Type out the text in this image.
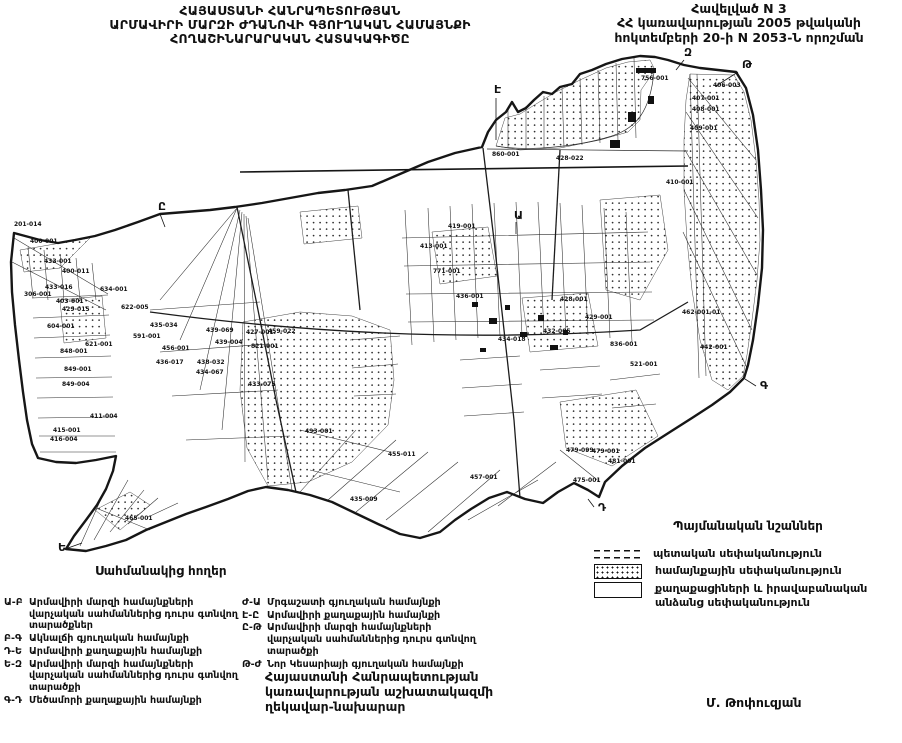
201-014
400-001
433-001
400-011
433-016
306-001
403-001
429-015
604-001
621-001
848-001
849-001
849-004
411-004
415-001
416-004
634-001
622-005
591-001
435-034
456-001
436-017 438-032
434-067
439-069
439-004
427-001
459-022
821-001
433-075
455-011
493-001
435-009
465-001
457-001	475-001
479-099
479-001
481-001
442-001
462-001-01
410-001
409-001
408-001
407-001
406-003
756-001
428-022
860-001
413-001
419-001
771-001
436-001
434-018
432-005
428-001
429-001
836-001
521-001
Ը
Է
Զ
Թ
Ա
Գ
Դ
Ե
ՀԱՅԱՍՏԱՆԻ ՀԱՆՐԱՊԵՏՈՒԹՅԱՆ
ԱՐՄԱՎԻՐԻ ՄԱՐԶԻ ԺԴԱՆՈՎԻ ԳՅՈՒՂԱԿԱՆ ՀԱՄԱՅՆՔԻ
ՀՈՂԱՇԻՆԱՐԱՐԱԿԱՆ ՀԱՏԱԿԱԳԻԾԸ
Հավելված N 3
ՀՀ կառավարության 2005 թվականի
հոկտեմբերի 20-ի N 2053-Ն որոշման
Սահմանակից հողեր
Ա-Բ Արմավիրի մարզի համայնքների վարչական սահմաններից դուրս գտնվող տարածքներ
Բ-Գ Ակնալճի գյուղական համայնքի
Դ-Ե Արմավիրի քաղաքային համայնքի
Ե-Զ Արմավիրի մարզի համայնքների վարչական սահմաններից դուրս գտնվող տարածքի
Գ-Դ Մեծամորի քաղաքային համայնքի
Ժ-Ա Մրգաշատի գյուղական համայնքի
Է-Ը Արմավիրի քաղաքային համայնքի
Ը-Թ Արմավիրի մարզի համայնքների վարչական սահմաններից դուրս գտնվող տարածքի
Թ-Ժ Նոր Կեսարիայի գյուղական համայնքի
Պայմանական նշաններ
պետական սեփականություն
համայնքային սեփականություն
քաղաքացիների և իրավաբանական անձանց սեփականություն
Հայաստանի Հանրապետության
կառավարության աշխատակազմի
ղեկավար-նախարար	Մ. Թոփուզյան
